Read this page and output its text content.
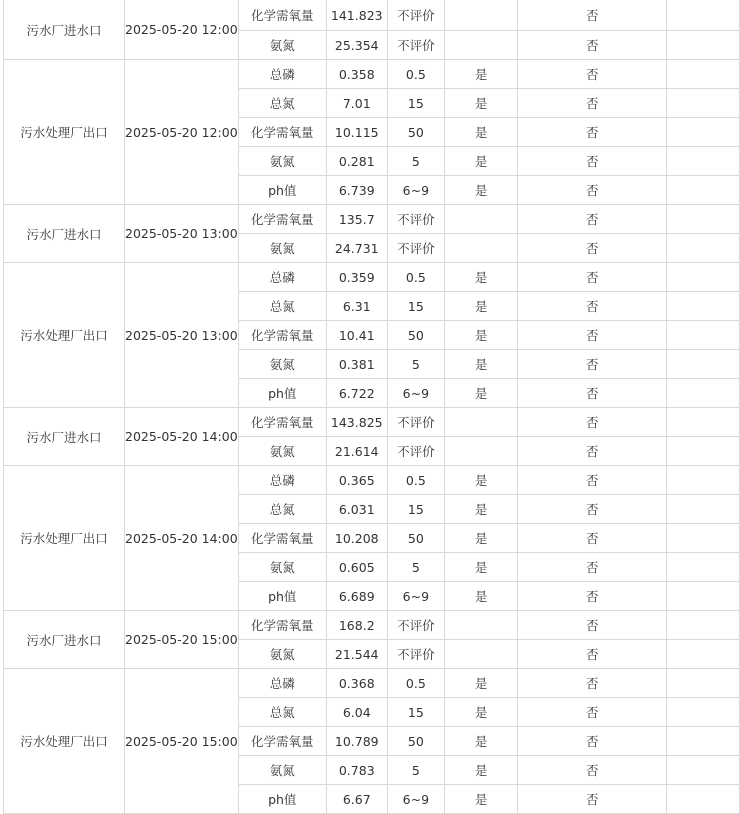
污水厂进水口	2025-05-20 12:00	化学需氧量	141.823	不评价		否	
		氨氮	25.354	不评价		否	
污水处理厂出口	2025-05-20 12:00	总磷	0.358	0.5	是	否	
		总氮	7.01	15	是	否	
		化学需氧量	10.115	50	是	否	
		氨氮	0.281	5	是	否	
		ph值	6.739	6~9	是	否	
污水厂进水口	2025-05-20 13:00	化学需氧量	135.7	不评价		否	
		氨氮	24.731	不评价		否	
污水处理厂出口	2025-05-20 13:00	总磷	0.359	0.5	是	否	
		总氮	6.31	15	是	否	
		化学需氧量	10.41	50	是	否	
		氨氮	0.381	5	是	否	
		ph值	6.722	6~9	是	否	
污水厂进水口	2025-05-20 14:00	化学需氧量	143.825	不评价		否	
		氨氮	21.614	不评价		否	
污水处理厂出口	2025-05-20 14:00	总磷	0.365	0.5	是	否	
		总氮	6.031	15	是	否	
		化学需氧量	10.208	50	是	否	
		氨氮	0.605	5	是	否	
		ph值	6.689	6~9	是	否	
污水厂进水口	2025-05-20 15:00	化学需氧量	168.2	不评价		否	
		氨氮	21.544	不评价		否	
污水处理厂出口	2025-05-20 15:00	总磷	0.368	0.5	是	否	
		总氮	6.04	15	是	否	
		化学需氧量	10.789	50	是	否	
		氨氮	0.783	5	是	否	
		ph值	6.67	6~9	是	否	
